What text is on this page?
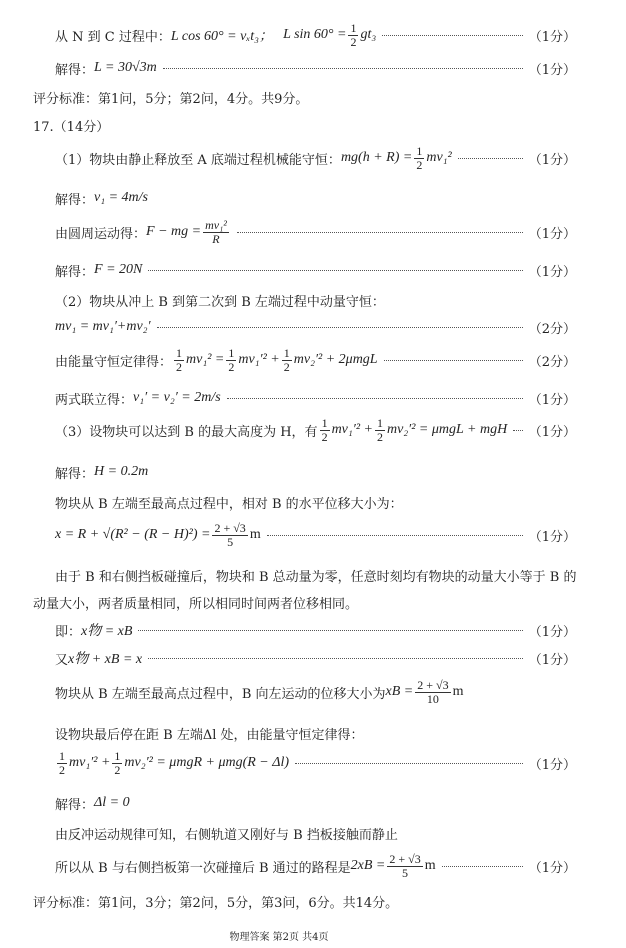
从 N 到 C 过程中： L cos 60° = vₓt₃； L $\sin 60^\circ = \frac{1}{2} gt_3$	（1分）
解得： L = 30√3m	（1分）
评分标准：第1问，5分；第2问，4分。共9分。
17.（14分）
（1）物块由静止释放至 A 底端过程机械能守恒： $mg(h + R) = \frac{1}{2} mv_1^2$	（1分）
解得： v₁ = 4m/s
由圆周运动得： F − mg = $\frac{\text{mv₁²}}{R}$	（1分）
解得： F = 20N	（1分）
（2）物块从冲上 B 到第二次到 B 左端过程中动量守恒：
mv₁ = mv₁′+mv₂′	（2分）
由能量守恒定律得： $\frac{1}{2} mv_1^2 = \frac{1}{2} mv_1'^2 + \frac{1}{2} mv_2'^2 + 2\mu mgL$	（2分）
两式联立得： v₁′ = v₂′ = 2m/s	（1分）
（3）设物块可以达到 B 的最大高度为 H，有 $\frac{1}{2} mv_1'^2 + \frac{1}{2} mv_2'^2 = \mu mgL$ + mgH （1分）
解得： H = 0.2m
物块从 B 左端至最高点过程中，相对 B 的水平位移大小为：
$x = R + √(R^2 - (R - H)^2) = \frac{2 + √3}{5}$ m	（1分）
由于 B 和右侧挡板碰撞后，物块和 B 总动量为零，任意时刻均有物块的动量大小等于 B 的
动量大小，两者质量相同，所以相同时间两者位移相同。
即： x物 = xB	（1分）
又 x物 + xB = x	（1分）
物块从 B 左端至最高点过程中，B 向左运动的位移大小为 xB = $\frac{2 + √3}{10}$ m
设物块最后停在距 B 左端Δl 处，由能量守恒定律得：
$\frac{1}{2} mv_1'^2 + \frac{1}{2} mv_2'^2 = \mu mgR + \mu mg(R - \Delta l)$	（1分）
解得： Δl = 0
由反冲运动规律可知，右侧轨道又刚好与 B 挡板接触而静止
所以从 B 与右侧挡板第一次碰撞后 B 通过的路程是 $2xB = \frac{2 + √3}{5}$ m	（1分）
评分标准：第1问，3分；第2问，5分，第3问，6分。共14分。
物理答案 第2页 共4页
